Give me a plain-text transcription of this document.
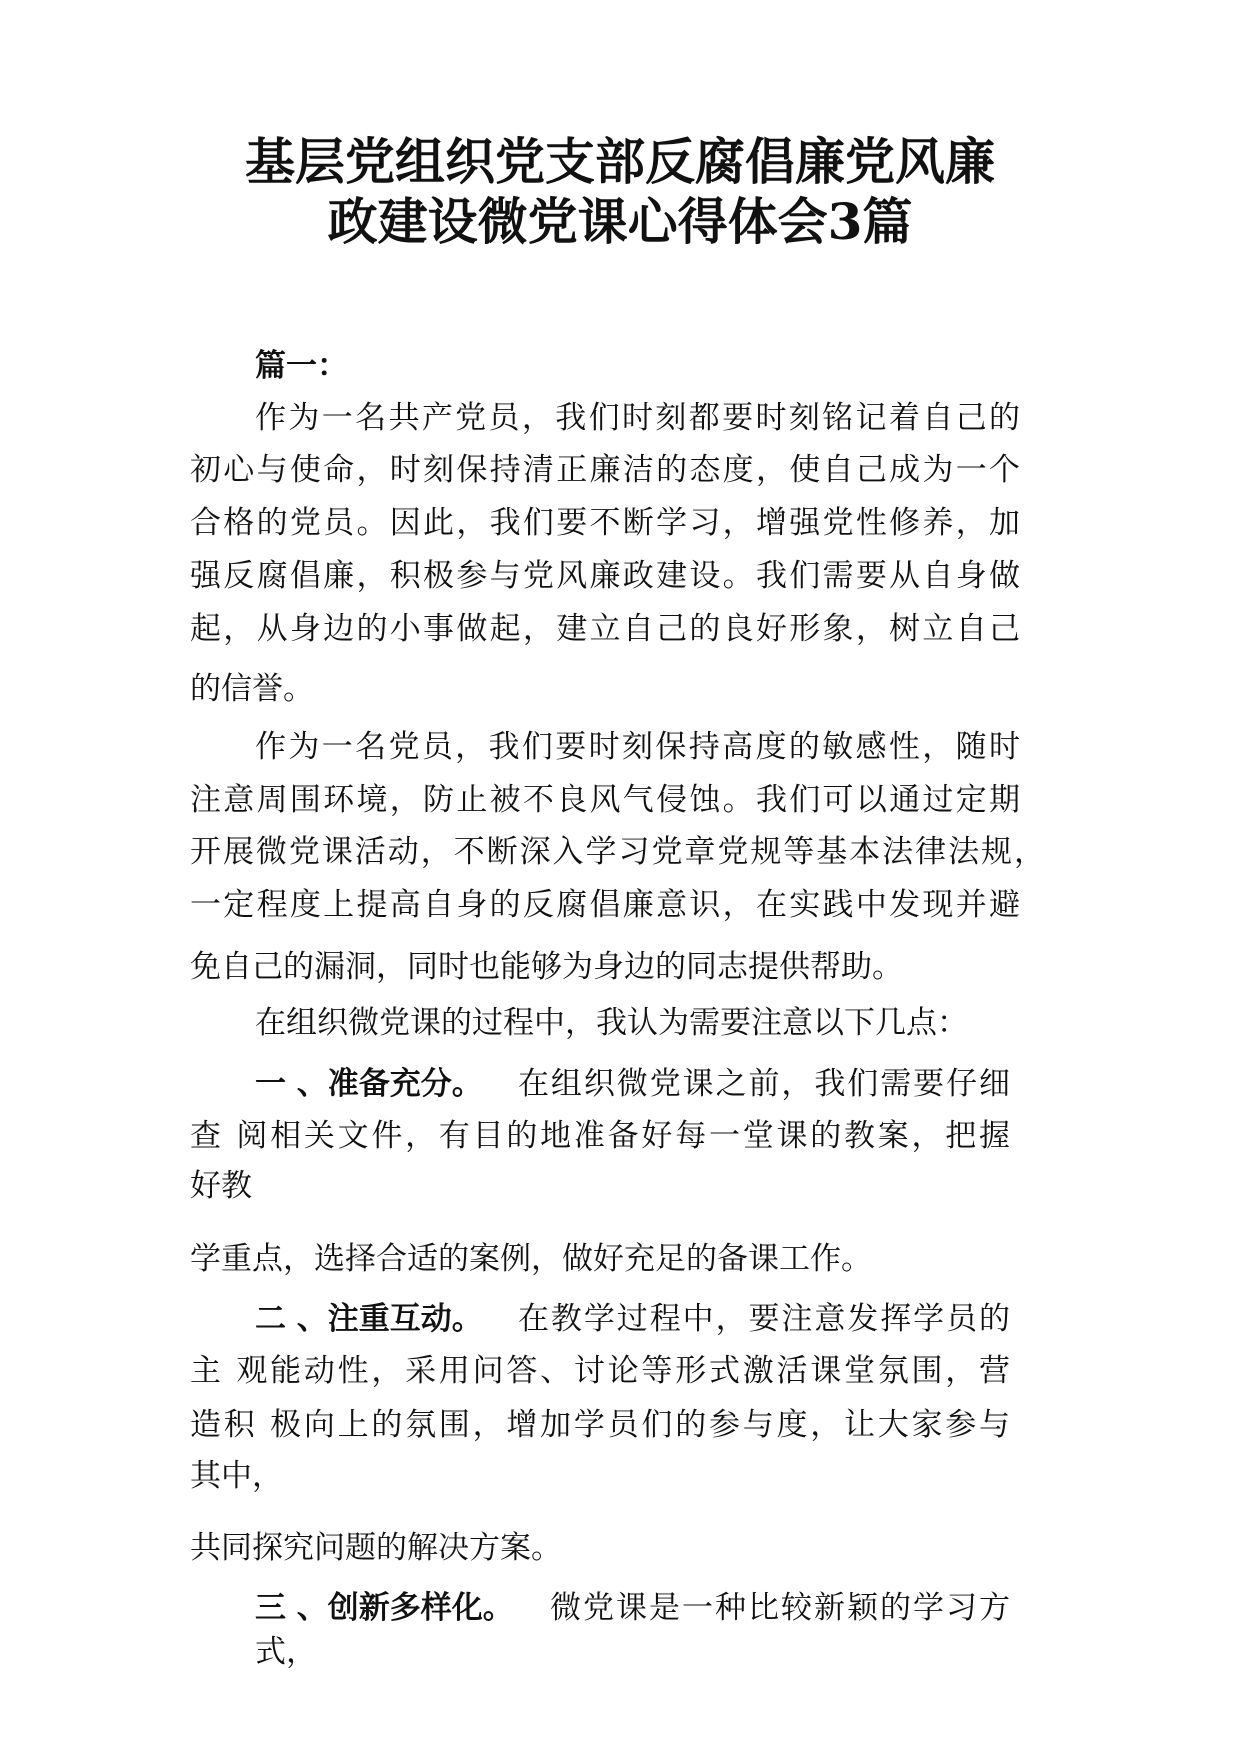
基层党组织党支部反腐倡廉党风廉
政建设微党课心得体会3篇
篇一：
作为一名共产党员，我们时刻都要时刻铭记着自己的
初心与使命，时刻保持清正廉洁的态度，使自己成为一个
合格的党员。因此，我们要不断学习，增强党性修养，加
强反腐倡廉，积极参与党风廉政建设。我们需要从自身做
起，从身边的小事做起，建立自己的良好形象，树立自己
的信誉。
作为一名党员，我们要时刻保持高度的敏感性，随时
注意周围环境，防止被不良风气侵蚀。我们可以通过定期
开展微党课活动，不断深入学习党章党规等基本法律法规，
一定程度上提高自身的反腐倡廉意识，在实践中发现并避
免自己的漏洞，同时也能够为身边的同志提供帮助。
在组织微党课的过程中，我认为需要注意以下几点：
一 、准备充分。 在组织微党课之前，我们需要仔细
查 阅相关文件，有目的地准备好每一堂课的教案，把握
好教
学重点，选择合适的案例，做好充足的备课工作。
二 、注重互动。 在教学过程中，要注意发挥学员的
主 观能动性，采用问答、讨论等形式激活课堂氛围，营
造积 极向上的氛围，增加学员们的参与度，让大家参与
其中，
共同探究问题的解决方案。
三 、创新多样化。 微党课是一种比较新颖的学习方
式，
